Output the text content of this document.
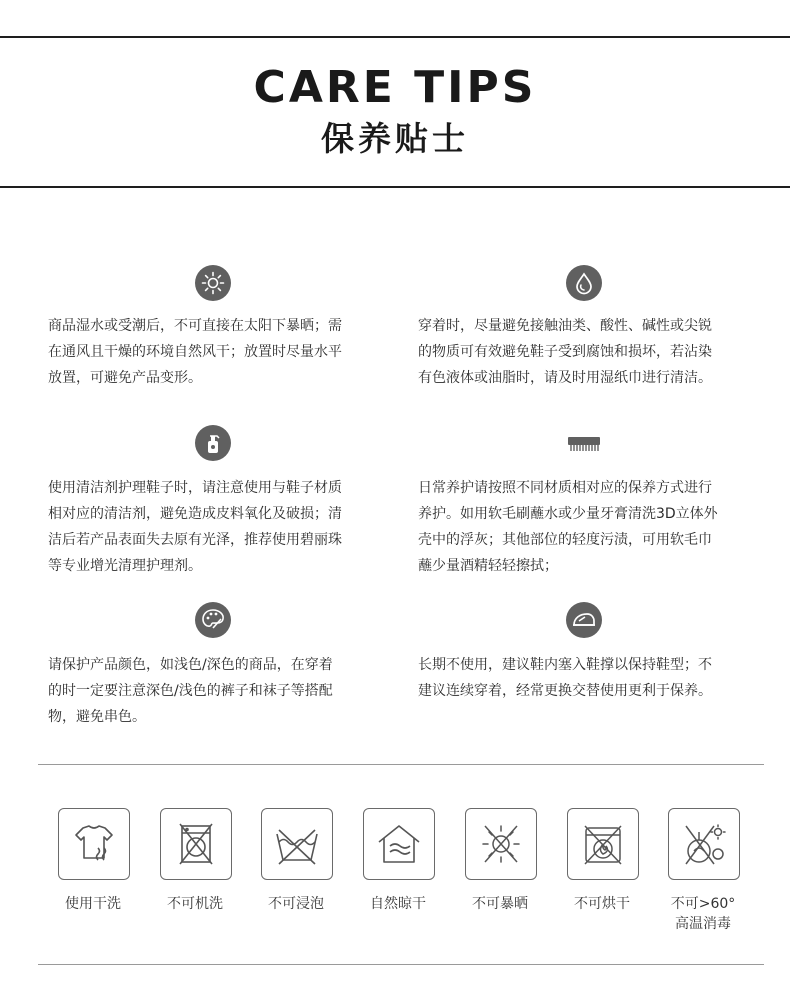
CARE TIPS
保养贴士
商品湿水或受潮后，不可直接在太阳下暴晒；需
在通风且干燥的环境自然风干；放置时尽量水平
放置，可避免产品变形。
穿着时，尽量避免接触油类、酸性、碱性或尖锐
的物质可有效避免鞋子受到腐蚀和损坏，若沾染
有色液体或油脂时，请及时用湿纸巾进行清洁。
使用清洁剂护理鞋子时，请注意使用与鞋子材质
相对应的清洁剂，避免造成皮料氧化及破损；清
洁后若产品表面失去原有光泽，推荐使用碧丽珠
等专业增光清理护理剂。
日常养护请按照不同材质相对应的保养方式进行
养护。如用软毛刷蘸水或少量牙膏清洗3D立体外
壳中的浮灰；其他部位的轻度污渍，可用软毛巾
蘸少量酒精轻轻擦拭；
请保护产品颜色，如浅色/深色的商品，在穿着
的时一定要注意深色/浅色的裤子和袜子等搭配
物，避免串色。
长期不使用，建议鞋内塞入鞋撑以保持鞋型；不
建议连续穿着，经常更换交替使用更利于保养。
使用干洗	不可机洗	不可浸泡	自然晾干	不可暴晒	不可烘干	不可>60°
高温消毒
